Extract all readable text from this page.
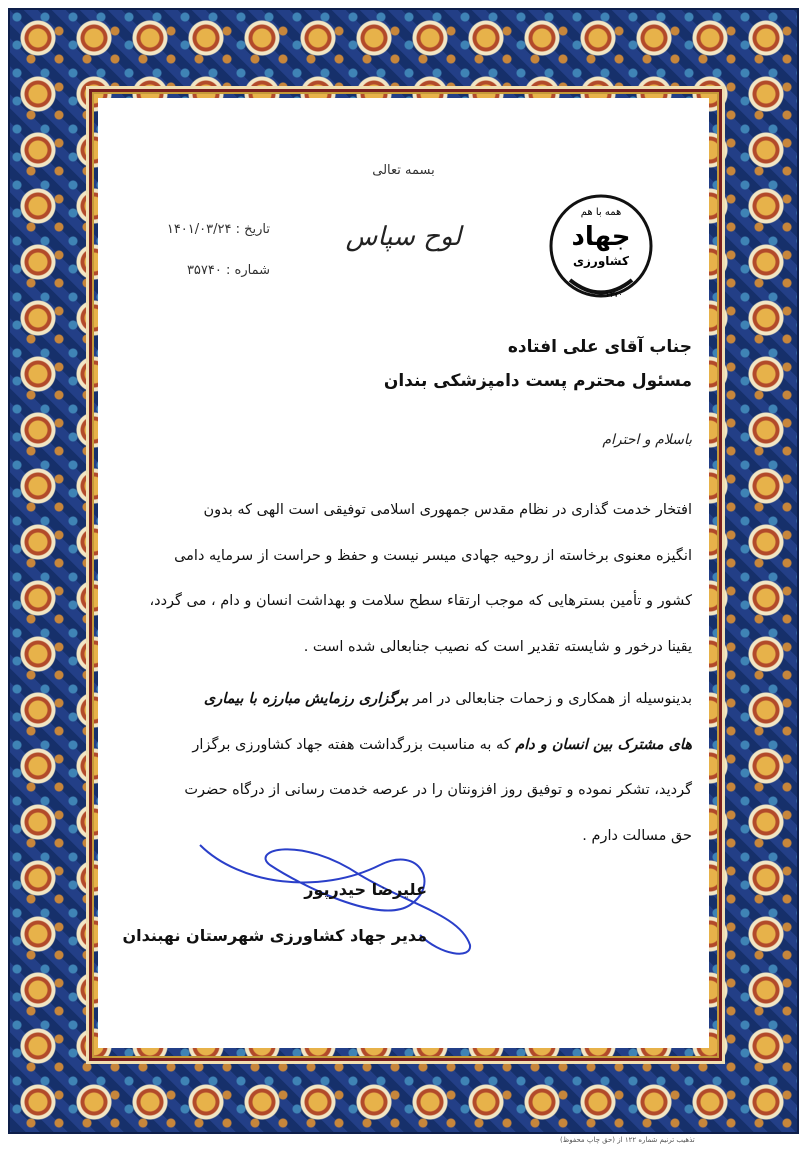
بسمه تعالی
لوح سپاس
تاریخ : ۱۴۰۱/۰۳/۲۴
شماره : ۳۵۷۴۰
همه با هم
جهاد
کشاورزی
۱۳۷۰
جناب آقای علی افتاده
مسئول محترم پست دامپزشکی بندان
باسلام و احترام

افتخار خدمت گذاری در نظام مقدس جمهوری اسلامی توفیقی است الهی که بدون

انگیزه معنوی برخاسته از روحیه جهادی میسر نیست و حفظ و حراست از سرمایه دامی

کشور و تأمین بسترهایی که موجب ارتقاء سطح سلامت و بهداشت انسان و دام ، می گردد،

یقینا درخور و شایسته تقدیر است که نصیب جنابعالی شده است .

بدینوسیله از همکاری و زحمات جنابعالی در امر برگزاری رزمایش مبارزه با بیماری

های مشترک بین انسان و دام که به مناسبت بزرگداشت هفته جهاد کشاورزی برگزار

گردید، تشکر نموده و توفیق روز افزونتان را در عرصه خدمت رسانی از درگاه حضرت

حق مسالت دارم .

علیرضا حیدرپور
مدیر جهاد کشاورزی شهرستان نهبندان
تذهیب ترنیم شماره ۱۲۲ از (حق چاپ محفوظ)
